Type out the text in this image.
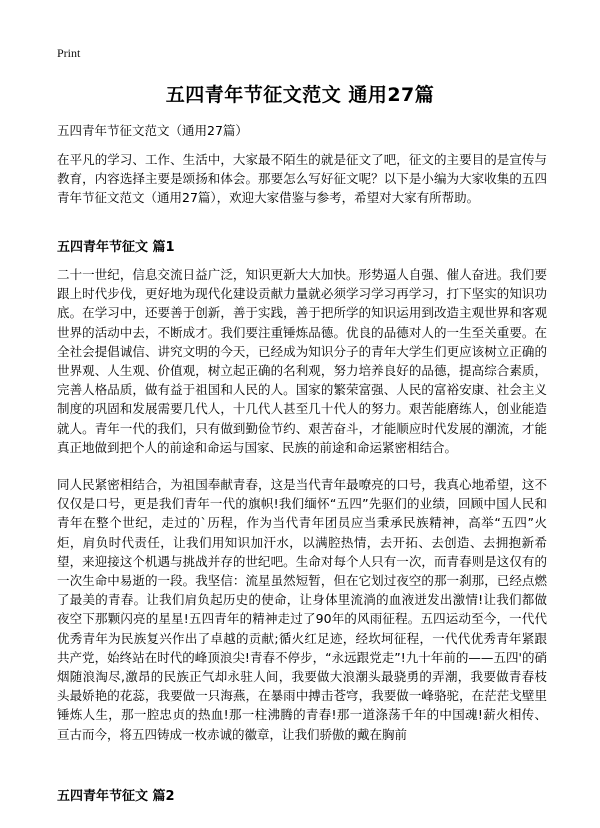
Print
五四青年节征文范文 通用27篇

五四青年节征文范文（通用27篇）

在平凡的学习、工作、生活中，大家最不陌生的就是征文了吧，征文的主要目的是宣传与教育，内容选择主要是颂扬和体会。那要怎么写好征文呢？以下是小编为大家收集的五四青年节征文范文（通用27篇），欢迎大家借鉴与参考，希望对大家有所帮助。

五四青年节征文 篇1

二十一世纪，信息交流日益广泛，知识更新大大加快。形势逼人自强、催人奋进。我们要跟上时代步伐，更好地为现代化建设贡献力量就必须学习学习再学习，打下坚实的知识功底。在学习中，还要善于创新，善于实践，善于把所学的知识运用到改造主观世界和客观世界的活动中去，不断成才。我们要注重锤炼品德。优良的品德对人的一生至关重要。在全社会提倡诚信、讲究文明的今天，已经成为知识分子的青年大学生们更应该树立正确的世界观、人生观、价值观，树立起正确的名利观，努力培养良好的品德，提高综合素质，完善人格品质，做有益于祖国和人民的人。国家的繁荣富强、人民的富裕安康、社会主义制度的巩固和发展需要几代人，十几代人甚至几十代人的努力。艰苦能磨练人，创业能造就人。青年一代的我们，只有做到勤俭节约、艰苦奋斗，才能顺应时代发展的潮流，才能真正地做到把个人的前途和命运与国家、民族的前途和命运紧密相结合。

同人民紧密相结合，为祖国奉献青春，这是当代青年最嘹亮的口号，我真心地希望，这不仅仅是口号，更是我们青年一代的旗帜!我们缅怀“五四”先驱们的业绩，回顾中国人民和青年在整个世纪，走过的`历程，作为当代青年团员应当秉承民族精神，高举“五四”火炬，肩负时代责任，让我们用知识加汗水，以满腔热情，去开拓、去创造、去拥抱新希望，来迎接这个机遇与挑战并存的世纪吧。生命对每个人只有一次，而青春则是这仅有的一次生命中易逝的一段。我坚信：流星虽然短暂，但在它划过夜空的那一刹那，已经点燃了最美的青春。让我们肩负起历史的使命，让身体里流淌的血液迸发出激情!让我们都做夜空下那颗闪亮的星星!五四青年的精神走过了90年的风雨征程。五四运动至今，一代代优秀青年为民族复兴作出了卓越的贡献;循火红足迹，经坎坷征程，一代代优秀青年紧跟共产党，始终站在时代的峰顶浪尖!青春不停步，“永远跟党走”!九十年前的——五四'的硝烟随浪淘尽,激昂的民族正气却永驻人间，我要做大浪潮头最骁勇的弄潮，我要做青春枝头最娇艳的花蕊，我要做一只海燕，在暴雨中搏击苍穹，我要做一峰骆驼，在茫茫戈壁里锤炼人生，那一腔忠贞的热血!那一柱沸腾的青春!那一道涤荡千年的中国魂!薪火相传、亘古而今，将五四铸成一枚赤诚的徽章，让我们骄傲的戴在胸前

五四青年节征文 篇2
